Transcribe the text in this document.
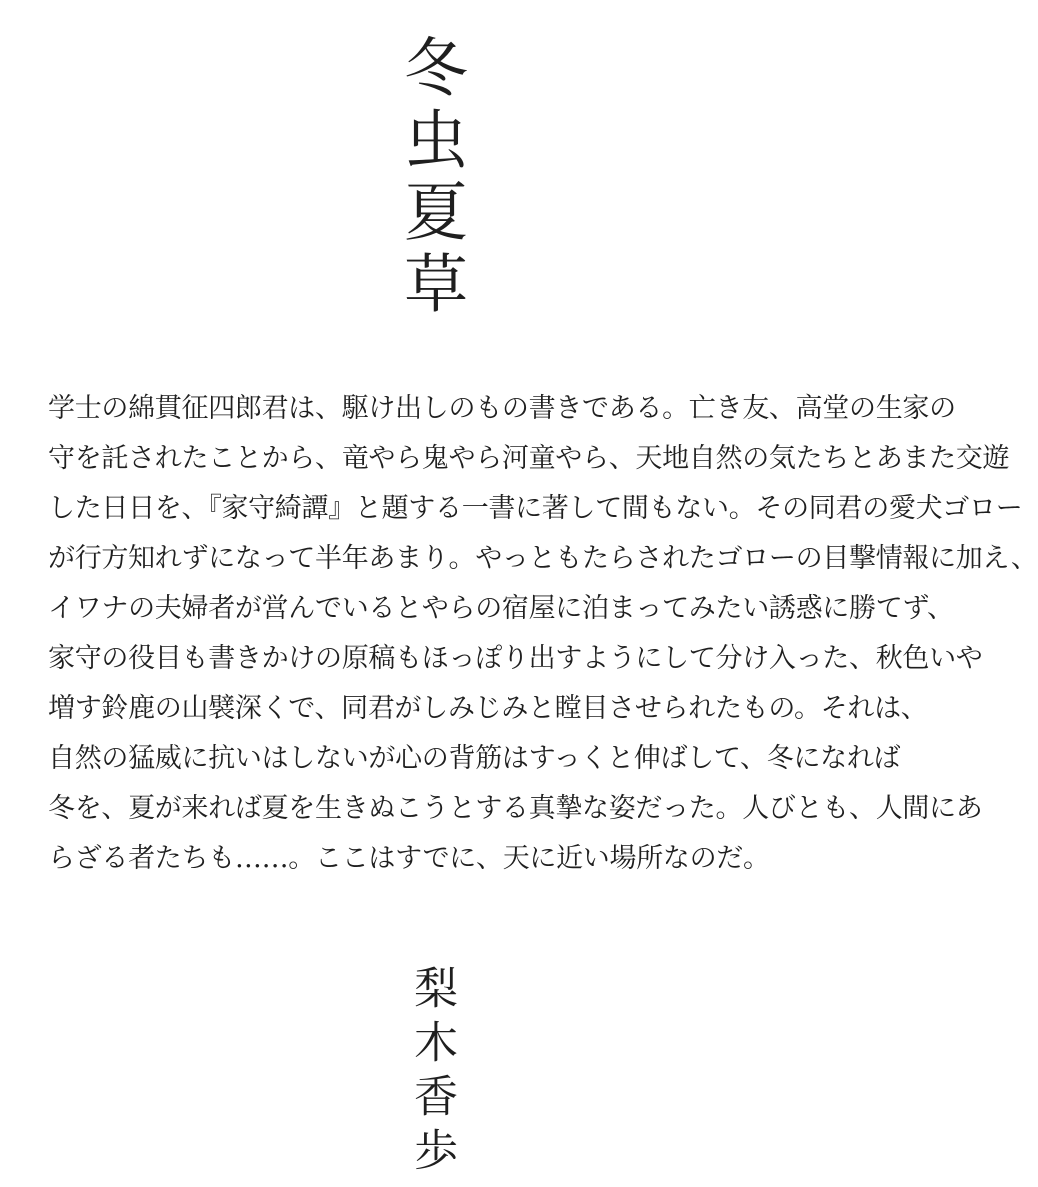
冬虫夏草
学士の綿貫征四郎君は、駆け出しのもの書きである。亡き友、高堂の生家の
守を託されたことから、竜やら鬼やら河童やら、天地自然の気たちとあまた交遊
した日日を、『家守綺譚』と題する一書に著して間もない。その同君の愛犬ゴロー
が行方知れずになって半年あまり。やっともたらされたゴローの目撃情報に加え、
イワナの夫婦者が営んでいるとやらの宿屋に泊まってみたい誘惑に勝てず、
家守の役目も書きかけの原稿もほっぽり出すようにして分け入った、秋色いや
増す鈴鹿の山襞深くで、同君がしみじみと瞠目させられたもの。それは、
自然の猛威に抗いはしないが心の背筋はすっくと伸ばして、冬になれば
冬を、夏が来れば夏を生きぬこうとする真摯な姿だった。人びとも、人間にあ
らざる者たちも……。ここはすでに、天に近い場所なのだ。
梨木香歩
